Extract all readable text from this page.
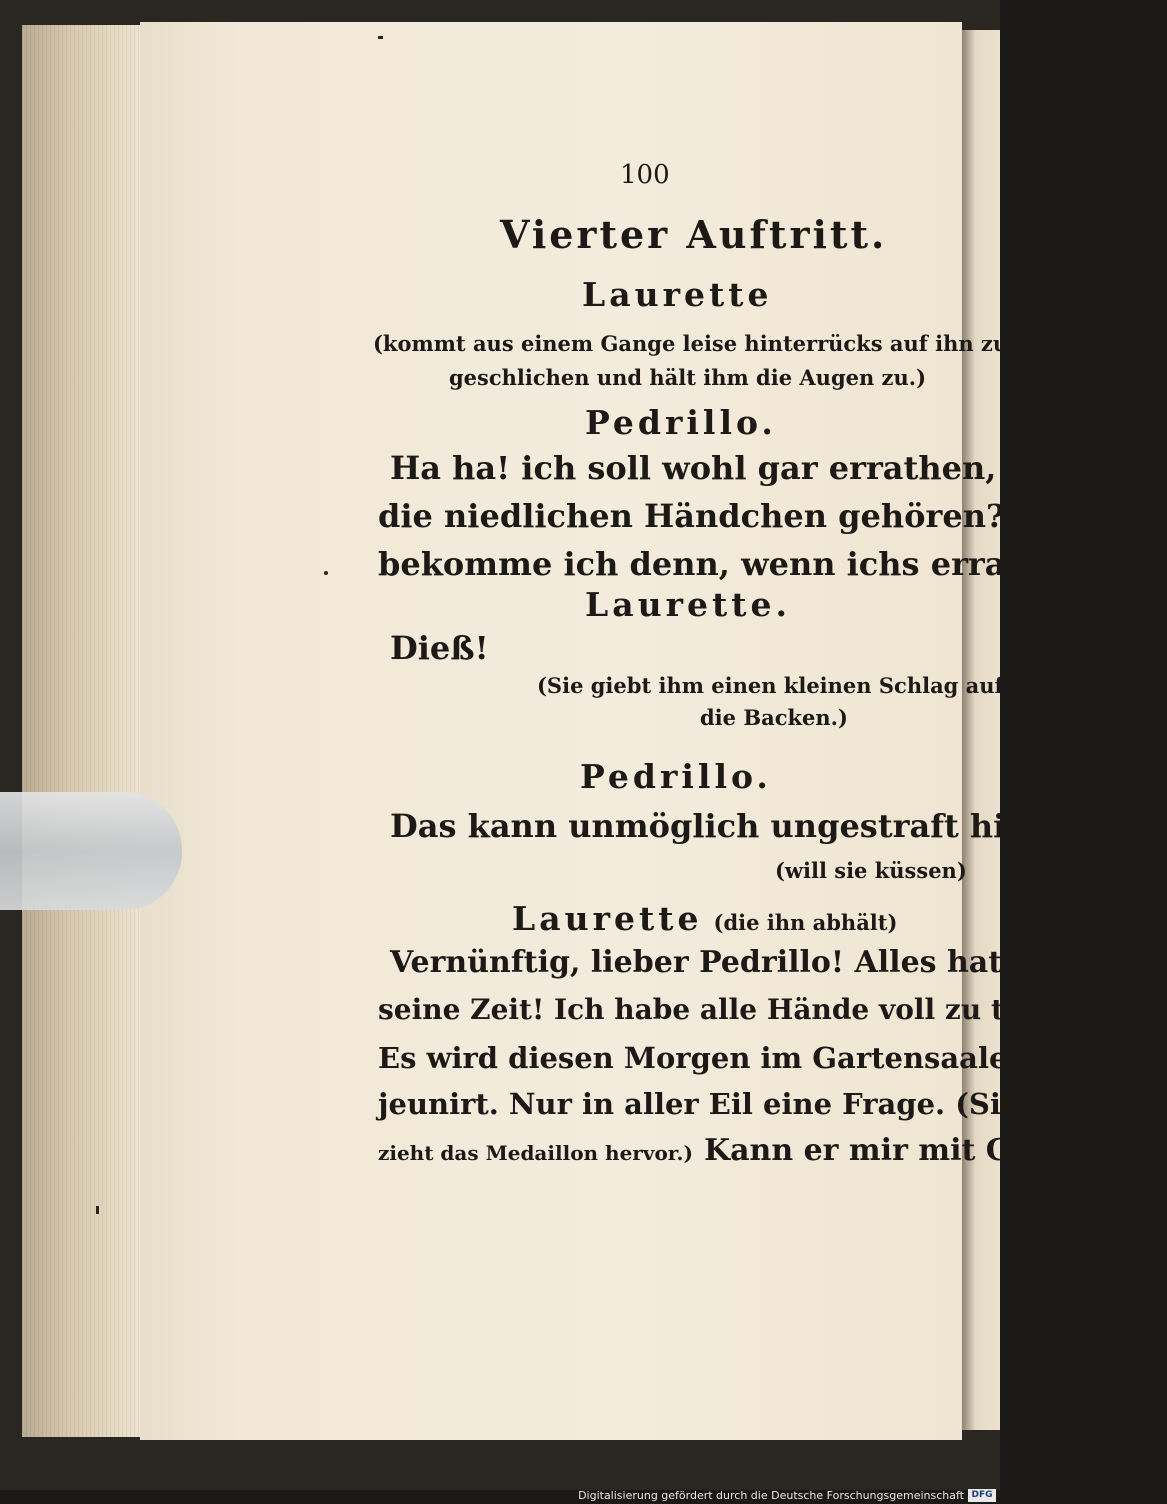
100
Vierter Auftritt.
Laurette
(kommt aus einem Gange leise hinterrücks auf ihn zu-
geschlichen und hält ihm die Augen zu.)
Pedrillo.
Ha ha! ich soll wohl gar errathen, wem
die niedlichen Händchen gehören? Und was
bekomme ich denn, wenn ichs errathe?
Laurette.
Dieß!
(Sie giebt ihm einen kleinen Schlag auf
die Backen.)
Pedrillo.
Das kann unmöglich ungestraft hingehn!
(will sie küssen)
Laurette (die ihn abhält)
Vernünftig, lieber Pedrillo! Alles hat
seine Zeit! Ich habe alle Hände voll zu thun.
Es wird diesen Morgen im Gartensaale de-
jeunirt. Nur in aller Eil eine Frage. (Sie
zieht das Medaillon hervor.) Kann er mir mit Ge-
Digitalisierung gefördert durch die Deutsche Forschungsgemeinschaft DFG
